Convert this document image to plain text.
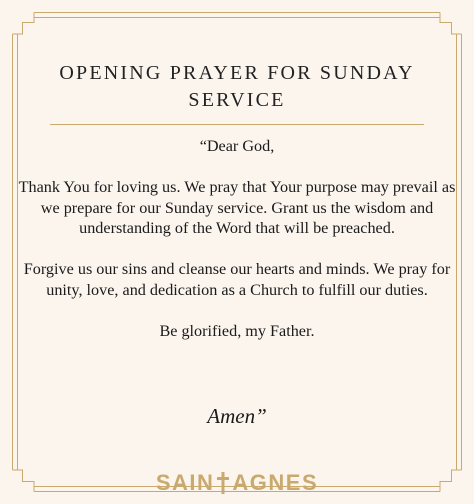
OPENING PRAYER FOR SUNDAY
SERVICE

“Dear God,

Thank You for loving us. We pray that Your purpose may prevail as we prepare for our Sunday service. Grant us the wisdom and understanding of the Word that will be preached.

Forgive us our sins and cleanse our hearts and minds. We pray for unity, love, and dedication as a Church to fulfill our duties.

Be glorified, my Father.

Amen”
SAIN AGNES
